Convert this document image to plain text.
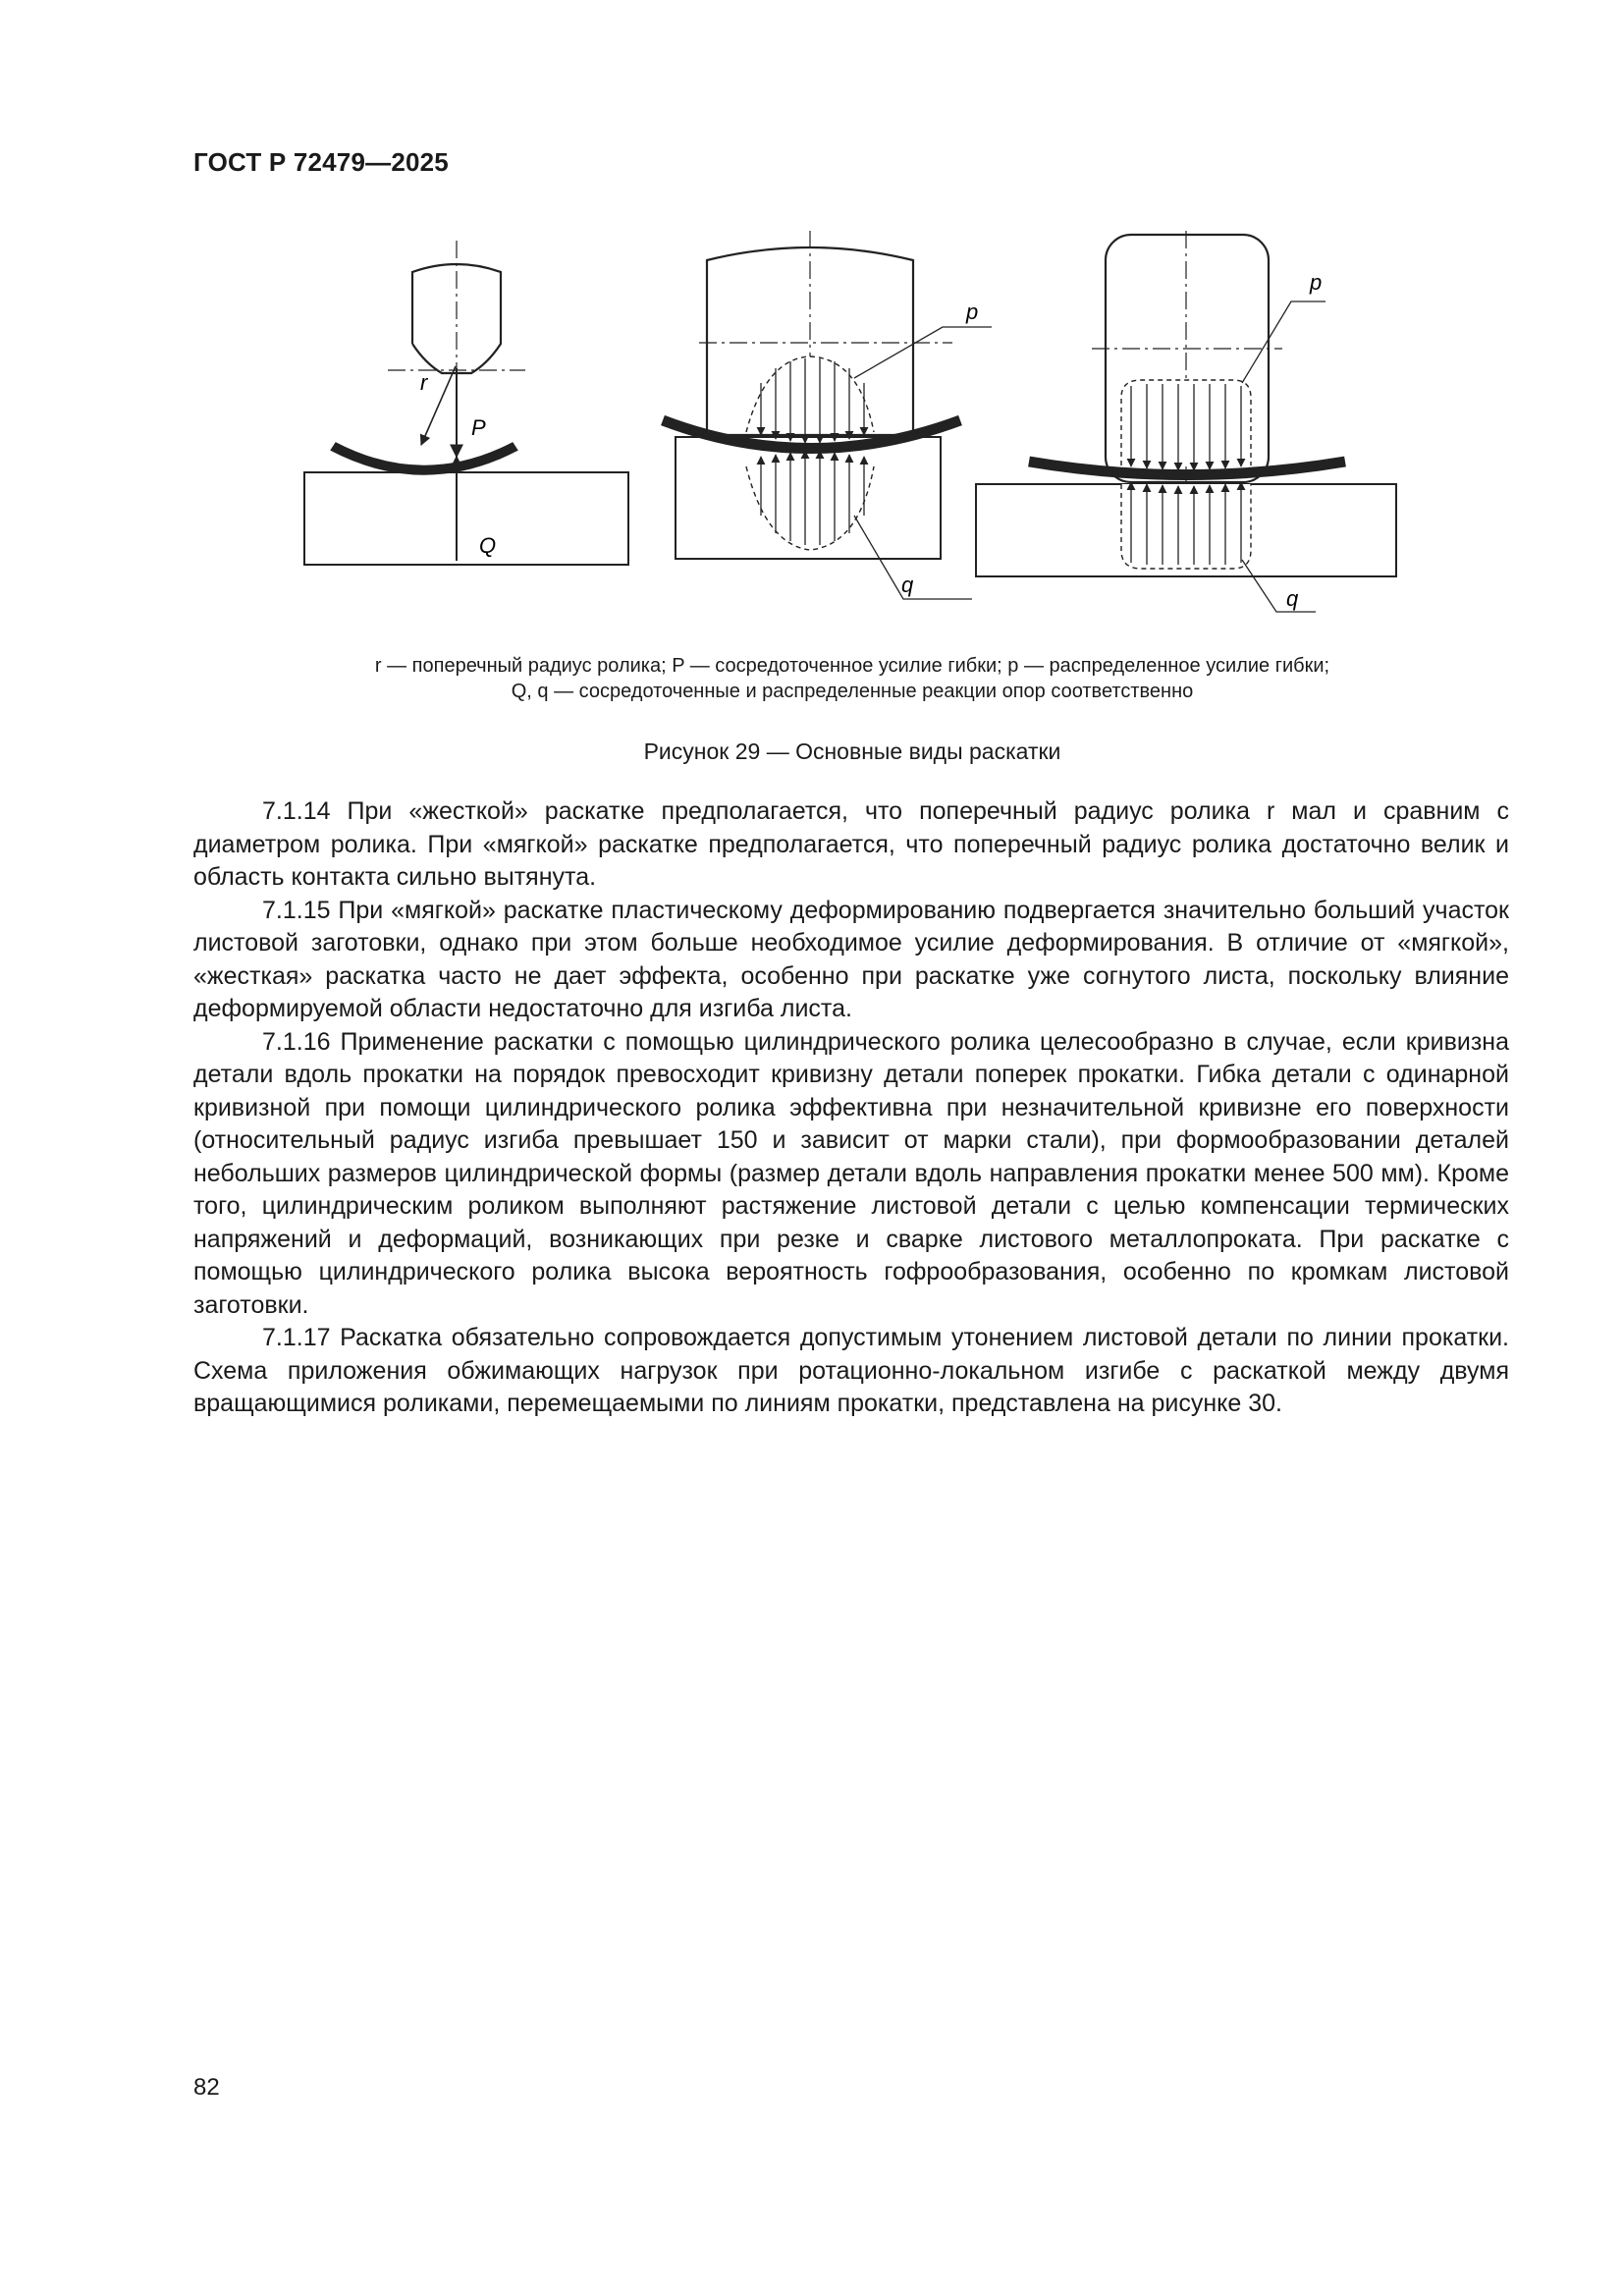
ГОСТ Р 72479—2025
r
P
Q
p
q
p
q
r — поперечный радиус ролика; P — сосредоточенное усилие гибки; p — распределенное усилие гибки;
Q, q — сосредоточенные и распределенные реакции опор соответственно
Рисунок 29 — Основные виды раскатки

7.1.14 При «жесткой» раскатке предполагается, что поперечный радиус ролика r мал и сравним с диаметром ролика. При «мягкой» раскатке предполагается, что поперечный радиус ролика достаточно велик и область контакта сильно вытянута.

7.1.15 При «мягкой» раскатке пластическому деформированию подвергается значительно больший участок листовой заготовки, однако при этом больше необходимое усилие деформирования. В отличие от «мягкой», «жесткая» раскатка часто не дает эффекта, особенно при раскатке уже согнутого листа, поскольку влияние деформируемой области недостаточно для изгиба листа.

7.1.16 Применение раскатки с помощью цилиндрического ролика целесообразно в случае, если кривизна детали вдоль прокатки на порядок превосходит кривизну детали поперек прокатки. Гибка детали с одинарной кривизной при помощи цилиндрического ролика эффективна при незначительной кривизне его поверхности (относительный радиус изгиба превышает 150 и зависит от марки стали), при формообразовании деталей небольших размеров цилиндрической формы (размер детали вдоль направления прокатки менее 500 мм). Кроме того, цилиндрическим роликом выполняют растяжение листовой детали с целью компенсации термических напряжений и деформаций, возникающих при резке и сварке листового металлопроката. При раскатке с помощью цилиндрического ролика высока вероятность гофрообразования, особенно по кромкам листовой заготовки.

7.1.17 Раскатка обязательно сопровождается допустимым утонением листовой детали по линии прокатки. Схема приложения обжимающих нагрузок при ротационно-локальном изгибе с раскаткой между двумя вращающимися роликами, перемещаемыми по линиям прокатки, представлена на рисунке 30.

82
